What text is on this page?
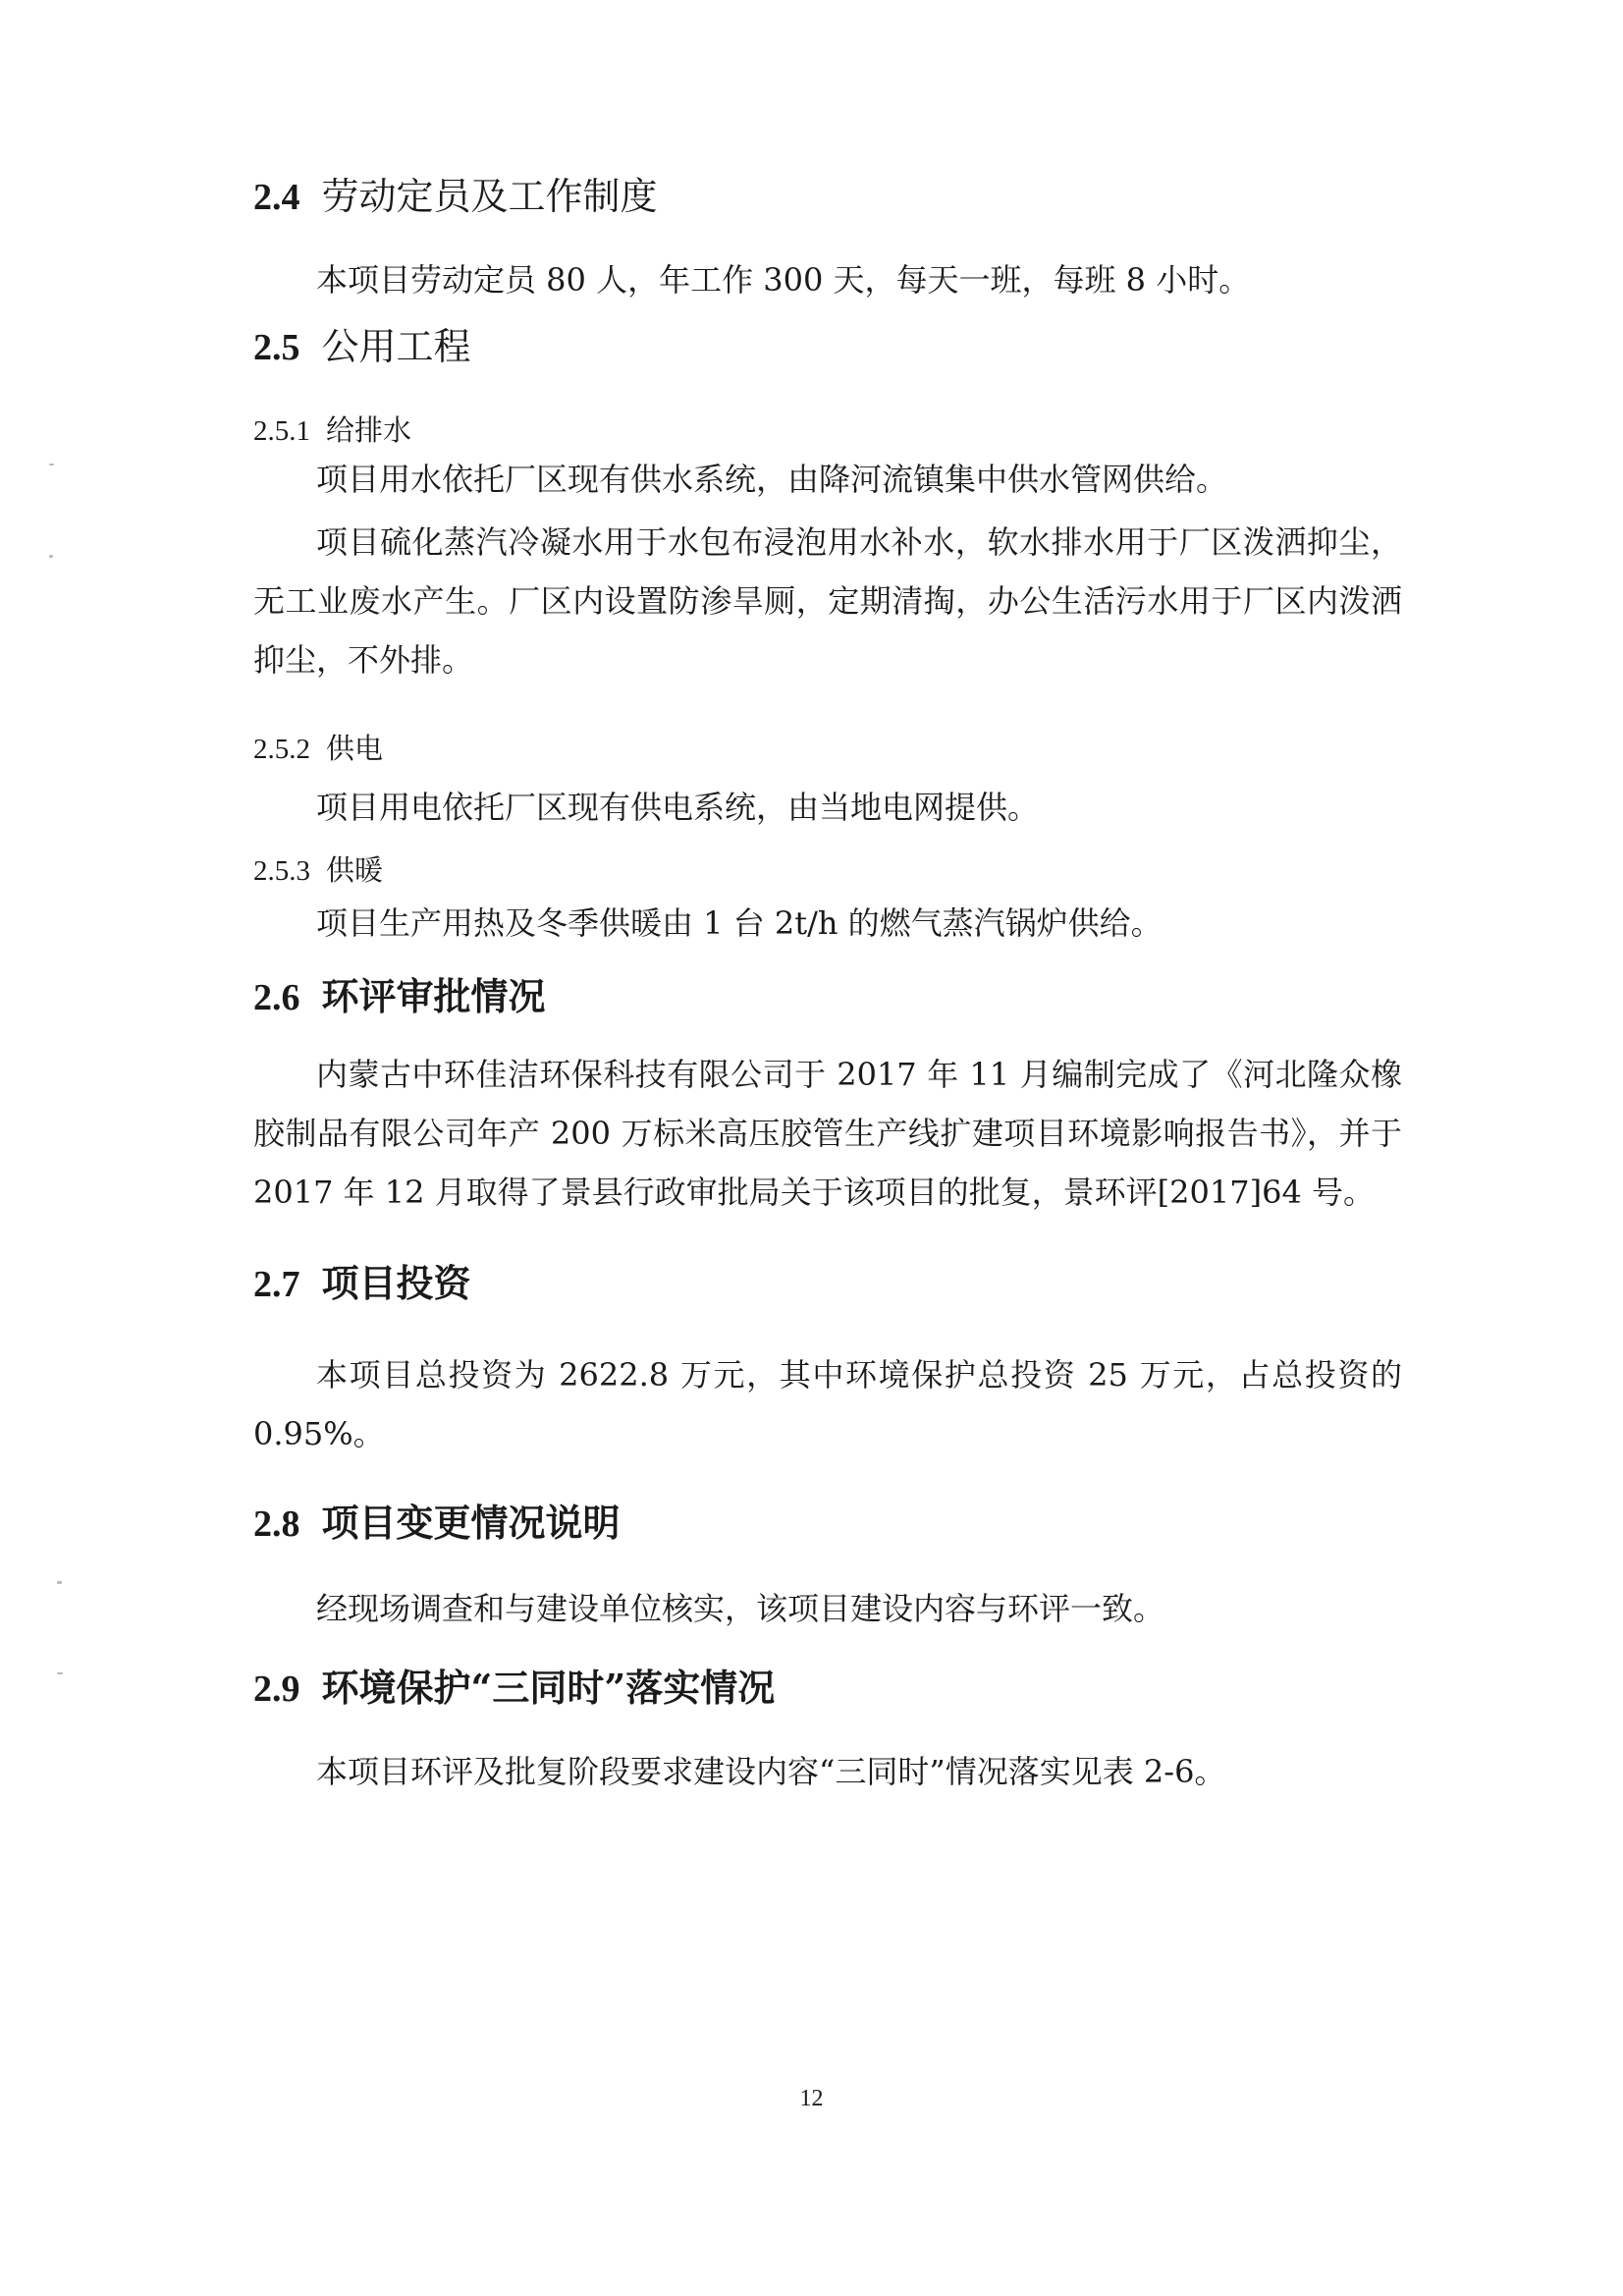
2.4 劳动定员及工作制度
本项目劳动定员 80 人，年工作 300 天，每天一班，每班 8 小时。
2.5 公用工程
2.5.1 给排水
项目用水依托厂区现有供水系统，由降河流镇集中供水管网供给。
项目硫化蒸汽冷凝水用于水包布浸泡用水补水，软水排水用于厂区泼洒抑尘，无工业废水产生。厂区内设置防渗旱厕，定期清掏，办公生活污水用于厂区内泼洒抑尘，不外排。
2.5.2 供电
项目用电依托厂区现有供电系统，由当地电网提供。
2.5.3 供暖
项目生产用热及冬季供暖由 1 台 2t/h 的燃气蒸汽锅炉供给。
2.6 环评审批情况
内蒙古中环佳洁环保科技有限公司于 2017 年 11 月编制完成了《河北隆众橡胶制品有限公司年产 200 万标米高压胶管生产线扩建项目环境影响报告书》，并于 2017 年 12 月取得了景县行政审批局关于该项目的批复，景环评[2017]64 号。
2.7 项目投资
本项目总投资为 2622.8 万元，其中环境保护总投资 25 万元，占总投资的 0.95%。
2.8 项目变更情况说明
经现场调查和与建设单位核实，该项目建设内容与环评一致。
2.9 环境保护“三同时”落实情况
本项目环评及批复阶段要求建设内容“三同时”情况落实见表 2-6。
12
